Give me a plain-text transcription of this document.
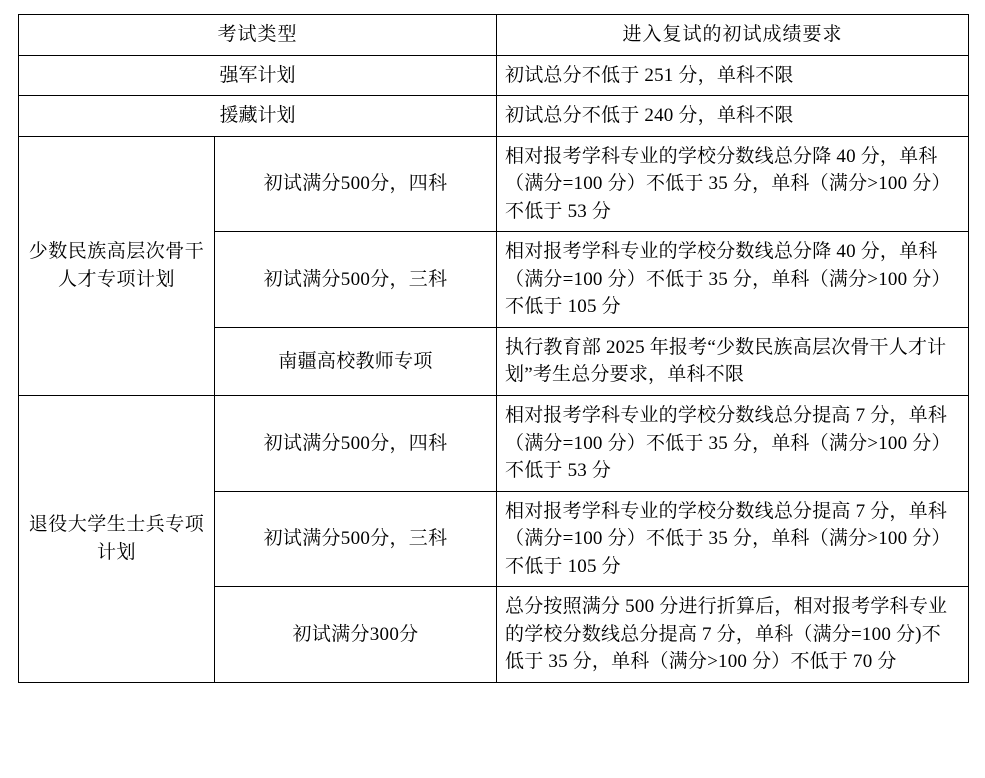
考试类型		进入复试的初试成绩要求
强军计划		初试总分不低于 251 分，单科不限
援藏计划		初试总分不低于 240 分，单科不限
少数民族高层次骨干人才专项计划	初试满分500分，四科	相对报考学科专业的学校分数线总分降 40 分，单科（满分=100 分）不低于 35 分，单科（满分>100 分）不低于 53 分
	初试满分500分，三科	相对报考学科专业的学校分数线总分降 40 分，单科（满分=100 分）不低于 35 分，单科（满分>100 分）不低于 105 分
	南疆高校教师专项	执行教育部 2025 年报考“少数民族高层次骨干人才计划”考生总分要求，单科不限
退役大学生士兵专项计划	初试满分500分，四科	相对报考学科专业的学校分数线总分提高 7 分，单科（满分=100 分）不低于 35 分，单科（满分>100 分）不低于 53 分
	初试满分500分，三科	相对报考学科专业的学校分数线总分提高 7 分，单科（满分=100 分）不低于 35 分，单科（满分>100 分）不低于 105 分
	初试满分300分	总分按照满分 500 分进行折算后，相对报考学科专业的学校分数线总分提高 7 分，单科（满分=100 分)不低于 35 分，单科（满分>100 分）不低于 70 分
